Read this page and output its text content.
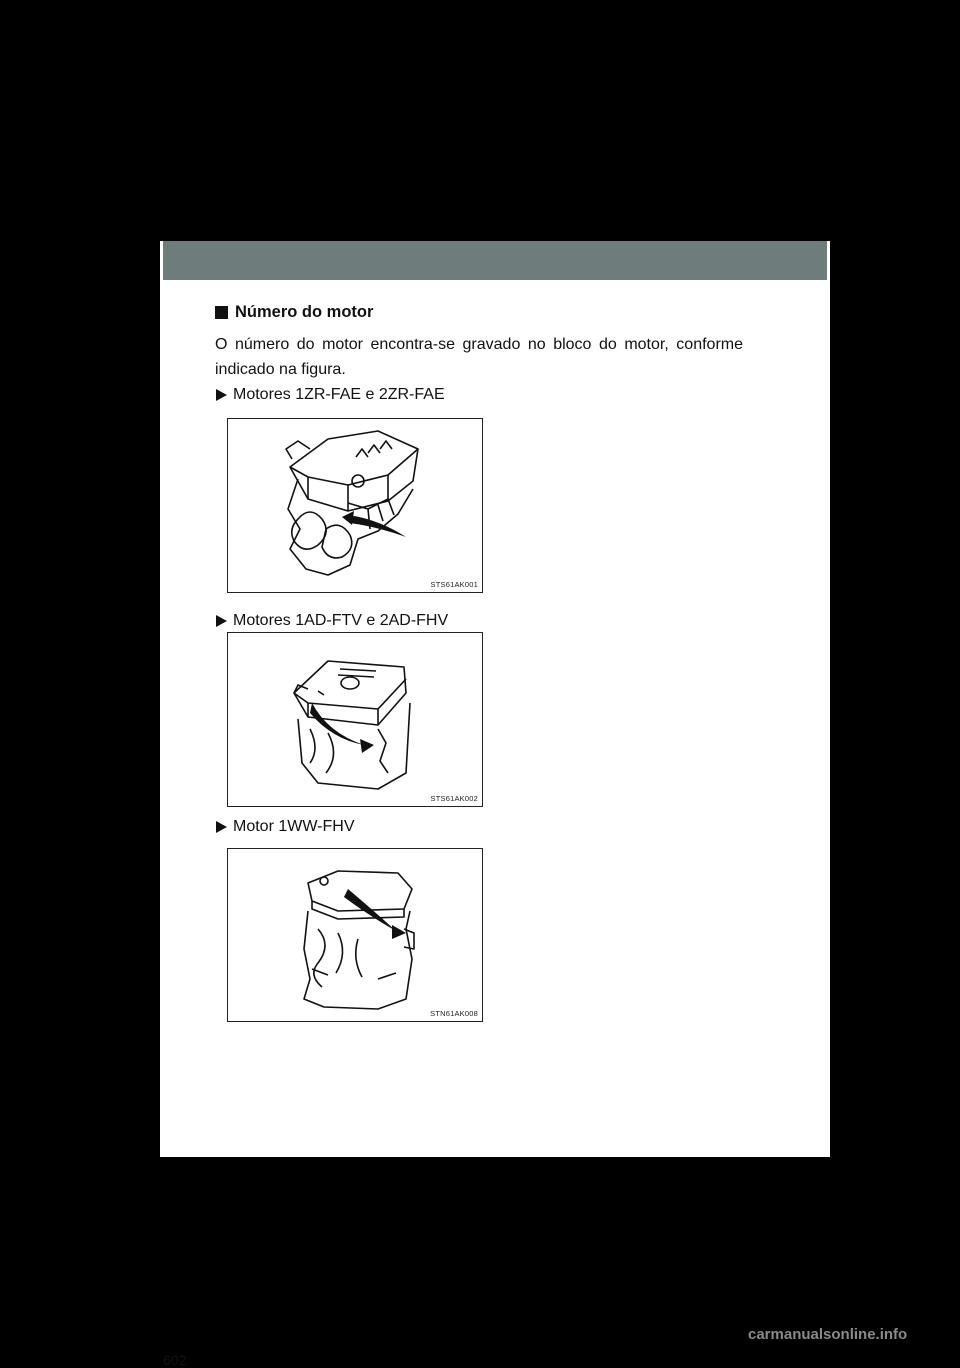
Número do motor
O número do motor encontra-se gravado no bloco do motor, conforme indicado na figura.
Motores 1ZR-FAE e 2ZR-FAE
STS61AK001
Motores 1AD-FTV e 2AD-FHV
STS61AK002
Motor 1WW-FHV
STN61AK008
602
carmanualsonline.info
